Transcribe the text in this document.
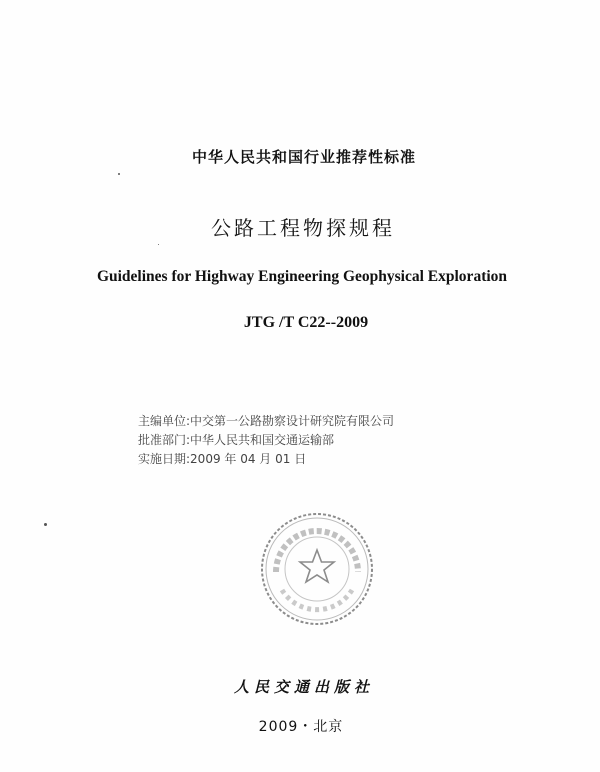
中华人民共和国行业推荐性标准
公路工程物探规程
Guidelines for Highway Engineering Geophysical Exploration
JTG /T C22--2009
主编单位:中交第一公路勘察设计研究院有限公司
批准部门:中华人民共和国交通运输部
实施日期:2009 年 04 月 01 日
人民交通出版社
2009・北京
